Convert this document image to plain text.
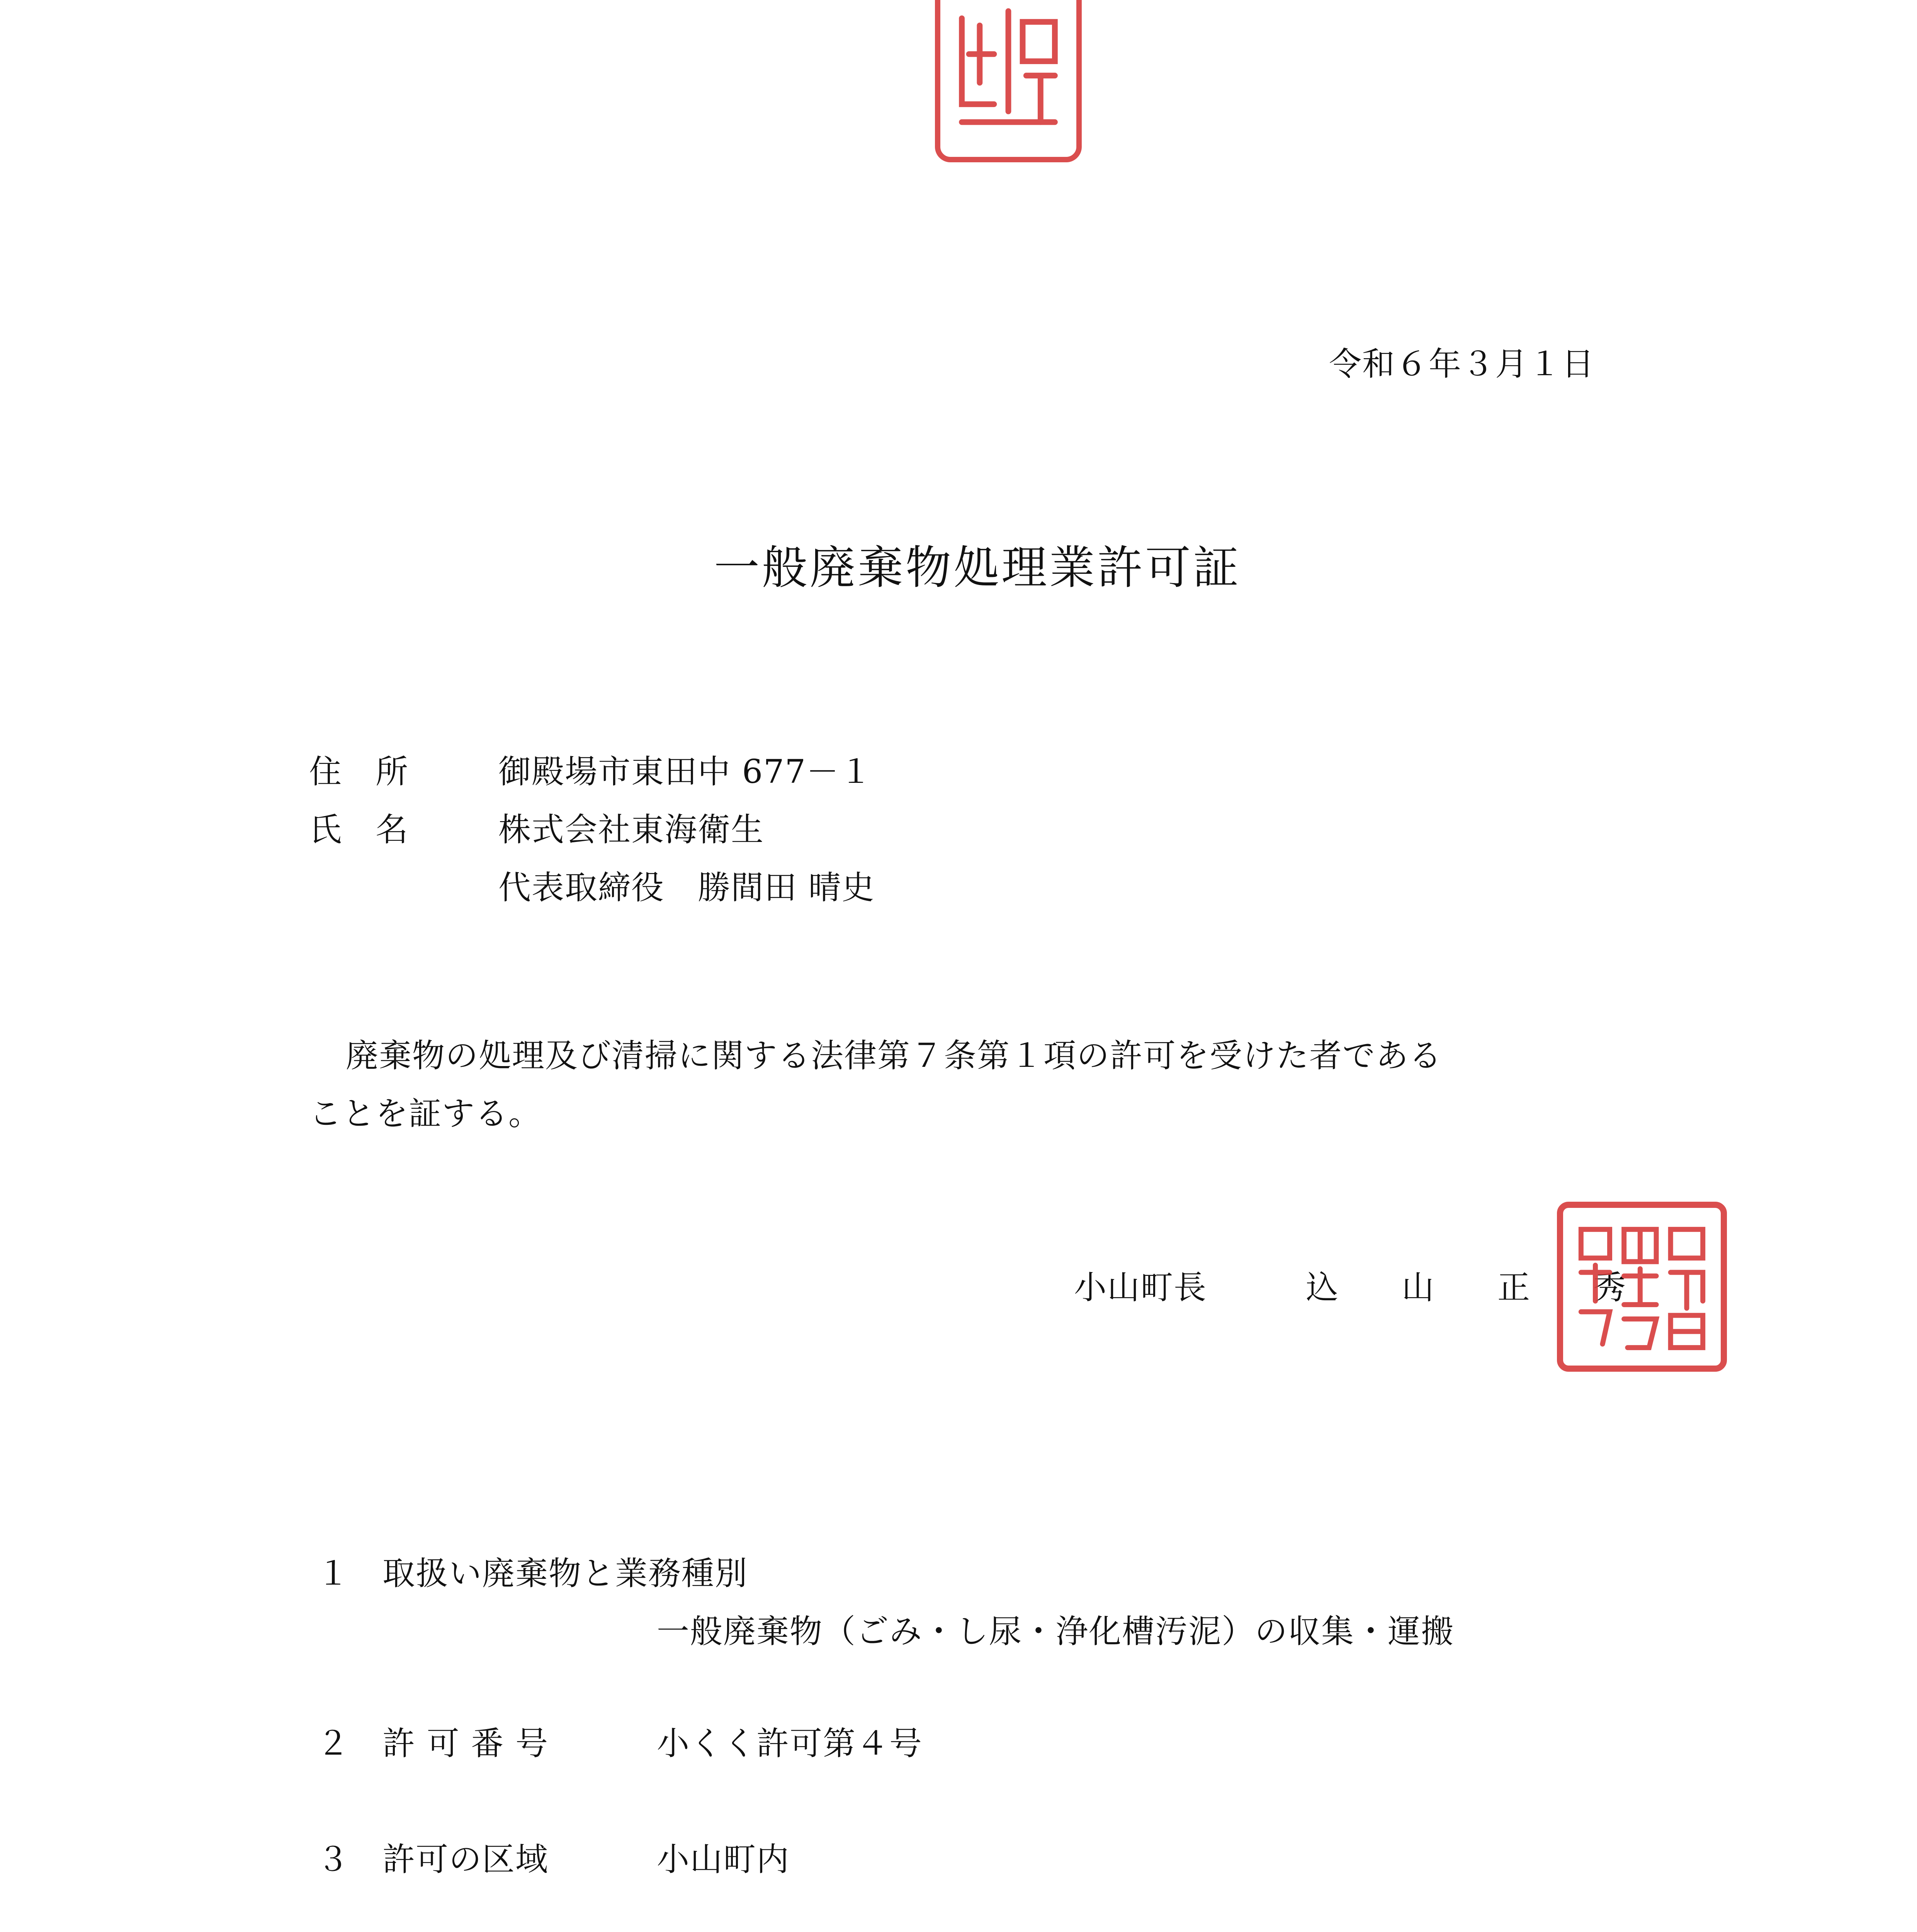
令和６年３月１日
一般廃棄物処理業許可証
住　所	御殿場市東田中 677－１
氏　名	株式会社東海衛生
代表取締役　勝間田 晴史
廃棄物の処理及び清掃に関する法律第７条第１項の許可を受けた者である
ことを証する。
小山町長	込　山　正　秀
１ 取扱い廃棄物と業務種別
一般廃棄物（ごみ・し尿・浄化槽汚泥）の収集・運搬
２ 許 可 番 号	小くく許可第４号
３ 許可の区域	小山町内
